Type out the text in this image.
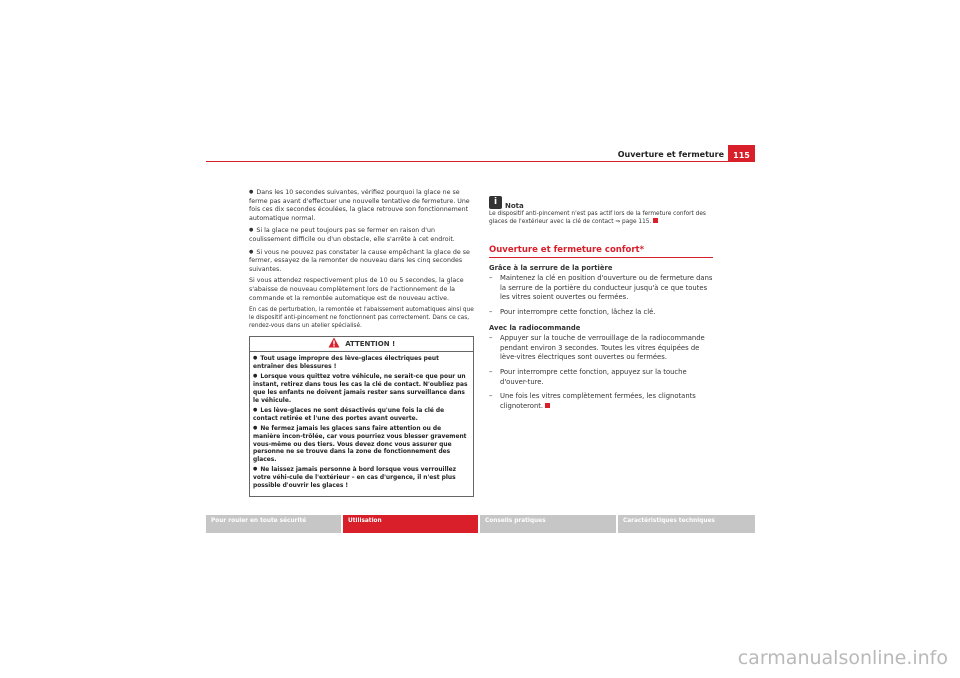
Ouverture et fermeture	115

● Dans les 10 secondes suivantes, vérifiez pourquoi la glace ne se ferme pas avant d'effectuer une nouvelle tentative de fermeture. Une fois ces dix secondes écoulées, la glace retrouve son fonctionnement automatique normal.

● Si la glace ne peut toujours pas se fermer en raison d'un coulissement difficile ou d'un obstacle, elle s'arrête à cet endroit.

● Si vous ne pouvez pas constater la cause empêchant la glace de se fermer, essayez de la remonter de nouveau dans les cinq secondes suivantes.

Si vous attendez respectivement plus de 10 ou 5 secondes, la glace s'abaisse de nouveau complètement lors de l'actionnement de la commande et la remontée automatique est de nouveau active.

En cas de perturbation, la remontée et l'abaissement automatiques ainsi que le dispositif anti-pincement ne fonctionnent pas correctement. Dans ce cas, rendez-vous dans un atelier spécialisé.

ATTENTION !

● Tout usage impropre des lève-glaces électriques peut entraîner des blessures !

● Lorsque vous quittez votre véhicule, ne serait-ce que pour un instant, retirez dans tous les cas la clé de contact. N'oubliez pas que les enfants ne doivent jamais rester sans surveillance dans le véhicule.

● Les lève-glaces ne sont désactivés qu'une fois la clé de contact retirée et l'une des portes avant ouverte.

● Ne fermez jamais les glaces sans faire attention ou de manière incon-trôlée, car vous pourriez vous blesser gravement vous-même ou des tiers. Vous devez donc vous assurer que personne ne se trouve dans la zone de fonctionnement des glaces.

● Ne laissez jamais personne à bord lorsque vous verrouillez votre véhi-cule de l'extérieur – en cas d'urgence, il n'est plus possible d'ouvrir les glaces !

iNota

Le dispositif anti-pincement n'est pas actif lors de la fermeture confort des glaces de l'extérieur avec la clé de contact ⇒ page 115.

Ouverture et fermeture confort*
Grâce à la serrure de la portière
– Maintenez la clé en position d'ouverture ou de fermeture dans la serrure de la portière du conducteur jusqu'à ce que toutes les vitres soient ouvertes ou fermées.
– Pour interrompre cette fonction, lâchez la clé.
Avec la radiocommande
– Appuyer sur la touche de verrouillage de la radiocommande pendant environ 3 secondes. Toutes les vitres équipées de lève-vitres électriques sont ouvertes ou fermées.
– Pour interrompre cette fonction, appuyez sur la touche d'ouver-ture.
– Une fois les vitres complètement fermées, les clignotants clignoteront.
Pour rouler en toute sécurité	Utilisation	Conseils pratiques	Caractéristiques techniques
carmanualsonline.info
